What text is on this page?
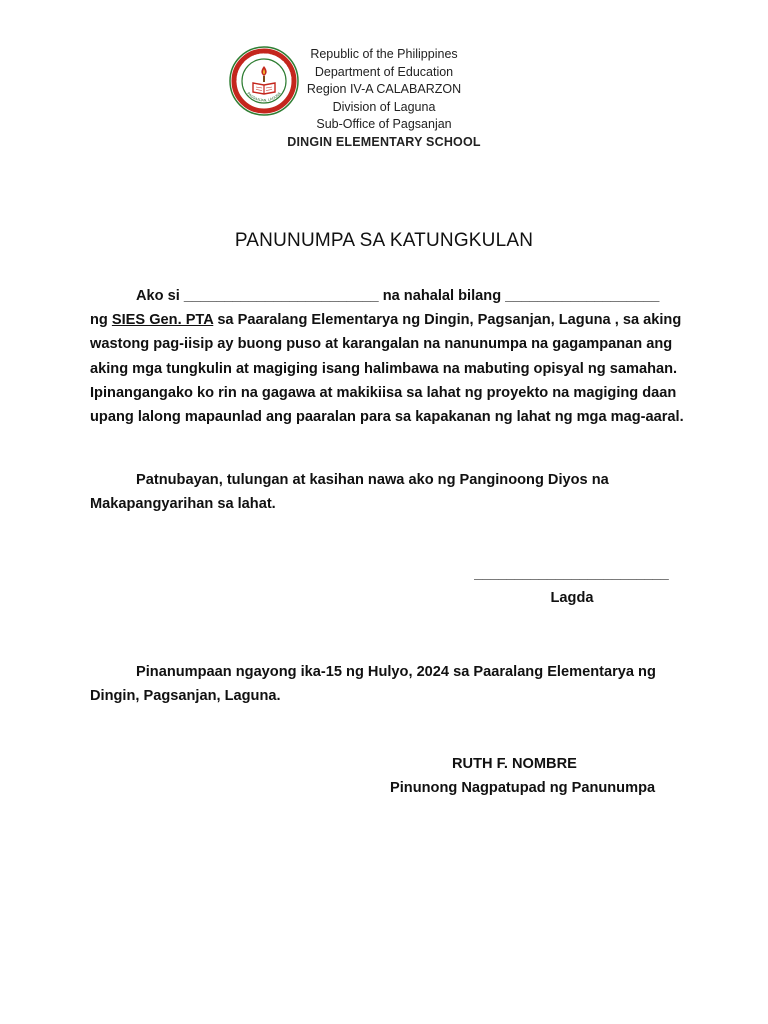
DINGIN ELEMENTARY SCHOO
PAGSANJAN, LAGUNA
Republic of the Philippines
Department of Education
Region IV-A CALABARZON
Division of Laguna
Sub-Office of Pagsanjan
DINGIN ELEMENTARY SCHOOL
PANUNUMPA SA KATUNGKULAN
Ako si ________________________ na nahalal bilang ___________________
ng SIES Gen. PTA sa Paaralang Elementarya ng Dingin, Pagsanjan, Laguna , sa aking wastong pag-iisip ay buong puso at karangalan na nanunumpa na gagampanan ang aking mga tungkulin at magiging isang halimbawa na mabuting opisyal ng samahan. Ipinangangako ko rin na gagawa at makikiisa sa lahat ng proyekto na magiging daan upang lalong mapaunlad ang paaralan para sa kapakanan ng lahat ng mga mag-aaral.
Patnubayan, tulungan at kasihan nawa ako ng Panginoong Diyos na Makapangyarihan sa lahat.
________________________
Lagda
Pinanumpaan ngayong ika-15 ng Hulyo, 2024 sa Paaralang Elementarya ng Dingin, Pagsanjan, Laguna.
RUTH F. NOMBRE
Pinunong Nagpatupad ng Panunumpa
